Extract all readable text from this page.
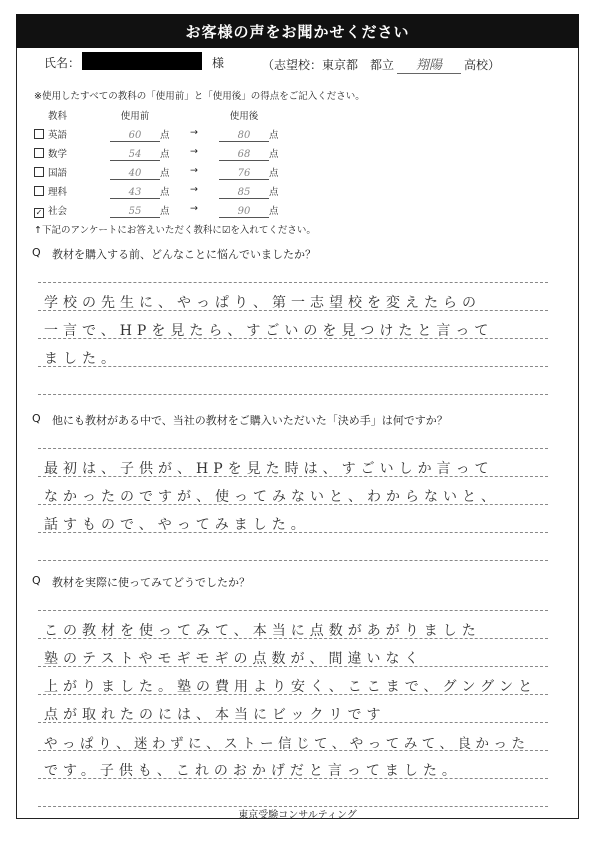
お客様の声をお聞かせください
氏名：	様	（志望校：東京都　都立 翔陽 高校）
※使用したすべての教科の「使用前」と「使用後」の得点をご記入ください。
教科	使用前	使用後
英語	60 点 →	80 点
数学	54 点 →	68 点
国語	40 点 →	76 点
理科	43 点 →	85 点
✓ 社会	55 点 →	90 点
↑下記のアンケートにお答えいただく教科に☑を入れてください。
Q 教材を購入する前、どんなことに悩んでいましたか？
学校の先生に、やっぱり、第一志望校を変えたらの
一言で、HPを見たら、すごいのを見つけたと言って
ました。
Q 他にも教材がある中で、当社の教材をご購入いただいた「決め手」は何ですか？
最初は、子供が、HPを見た時は、すごいしか言って
なかったのですが、使ってみないと、わからないと、
話すもので、やってみました。
Q 教材を実際に使ってみてどうでしたか？
この教材を使ってみて、本当に点数があがりました
塾のテストやモギモギの点数が、間違いなく
上がりました。塾の費用より安く、ここまで、グングンと
点が取れたのには、本当にビックリです
やっぱり、迷わずに、ストー信じて、やってみて、良かった
です。子供も、これのおかげだと言ってました。
東京受験コンサルティング
